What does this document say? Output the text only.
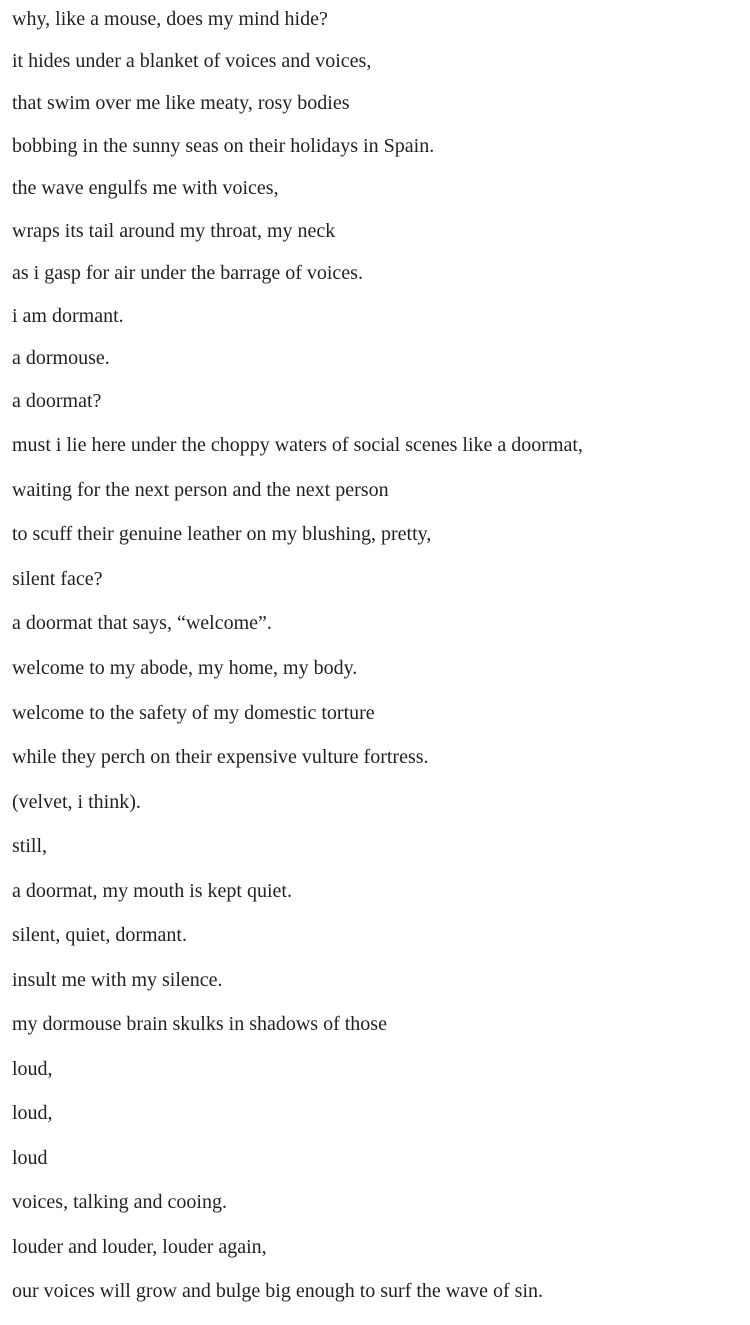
why, like a mouse, does my mind hide?
it hides under a blanket of voices and voices,
that swim over me like meaty, rosy bodies
bobbing in the sunny seas on their holidays in Spain.
the wave engulfs me with voices,
wraps its tail around my throat, my neck
as i gasp for air under the barrage of voices.
i am dormant.
a dormouse.
a doormat?
must i lie here under the choppy waters of social scenes like a doormat,
waiting for the next person and the next person
to scuff their genuine leather on my blushing, pretty,
silent face?
a doormat that says, “welcome”.
welcome to my abode, my home, my body.
welcome to the safety of my domestic torture
while they perch on their expensive vulture fortress.
(velvet, i think).
still,
a doormat, my mouth is kept quiet.
silent, quiet, dormant.
insult me with my silence.
my dormouse brain skulks in shadows of those
loud,
loud,
loud
voices, talking and cooing.
louder and louder, louder again,
our voices will grow and bulge big enough to surf the wave of sin.
